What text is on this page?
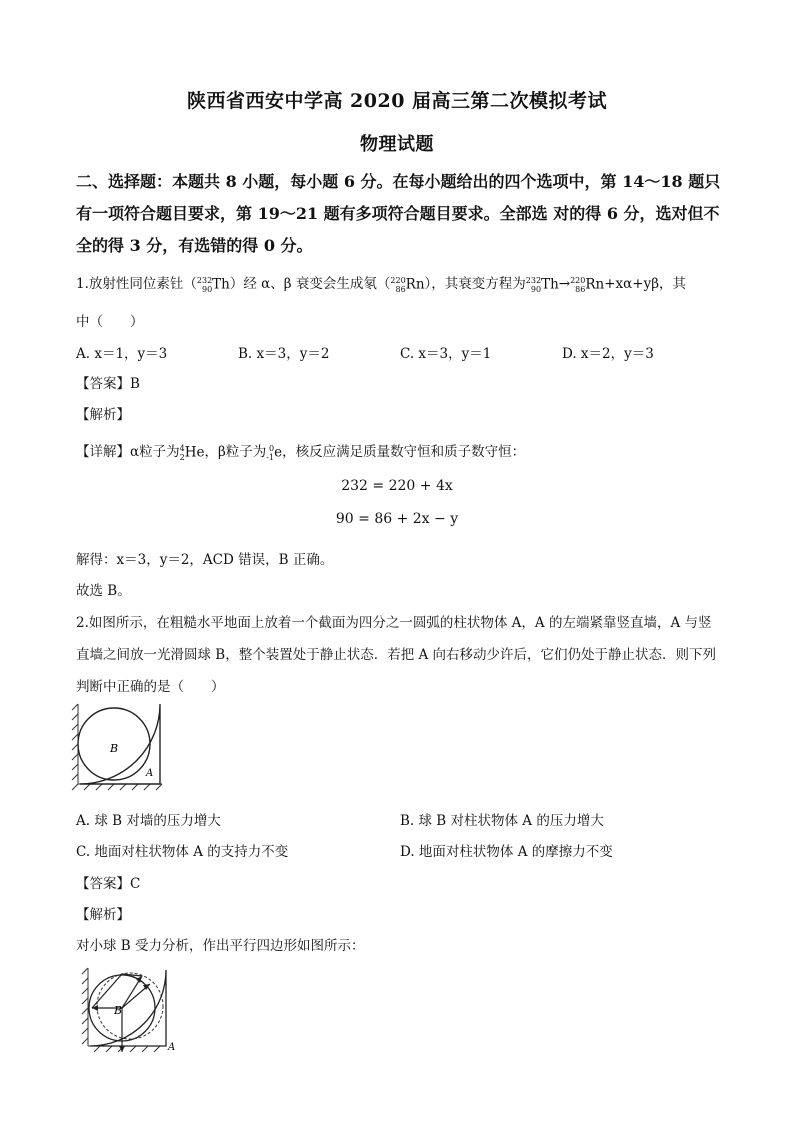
陕西省西安中学高 2020 届高三第二次模拟考试
物理试题
二、选择题：本题共 8 小题，每小题 6 分。在每小题给出的四个选项中，第 14～18 题只有一项符合题目要求，第 19～21 题有多项符合题目要求。全部选 对的得 6 分，选对但不全的得 3 分，有选错的得 0 分。
1.放射性同位素钍（ 232
90 Th）经 α、β 衰变会生成氡（ 220
86 Rn），其衰变方程为 232
90 Th→ 220
86 Rn+xα+yβ，其
中（　　）
A. x＝1，y＝3	B. x＝3，y＝2	C. x＝3，y＝1	D. x＝2，y＝3
【答案】B
【解析】
【详解】α粒子为 4
2 He，β粒子为 0
-1 e，核反应满足质量数守恒和质子数守恒：
232 = 220 + 4x
90 = 86 + 2x − y
解得：x＝3，y＝2，ACD 错误，B 正确。
故选 B。
2.如图所示，在粗糙水平地面上放着一个截面为四分之一圆弧的柱状物体 A，A 的左端紧靠竖直墙，A 与竖
直墙之间放一光滑圆球 B，整个装置处于静止状态．若把 A 向右移动少许后，它们仍处于静止状态．则下列
判断中正确的是（　　）
B
A
A. 球 B 对墙的压力增大	B. 球 B 对柱状物体 A 的压力增大
C. 地面对柱状物体 A 的支持力不变	D. 地面对柱状物体 A 的摩擦力不变
【答案】C
【解析】
对小球 B 受力分析，作出平行四边形如图所示：
B
A
